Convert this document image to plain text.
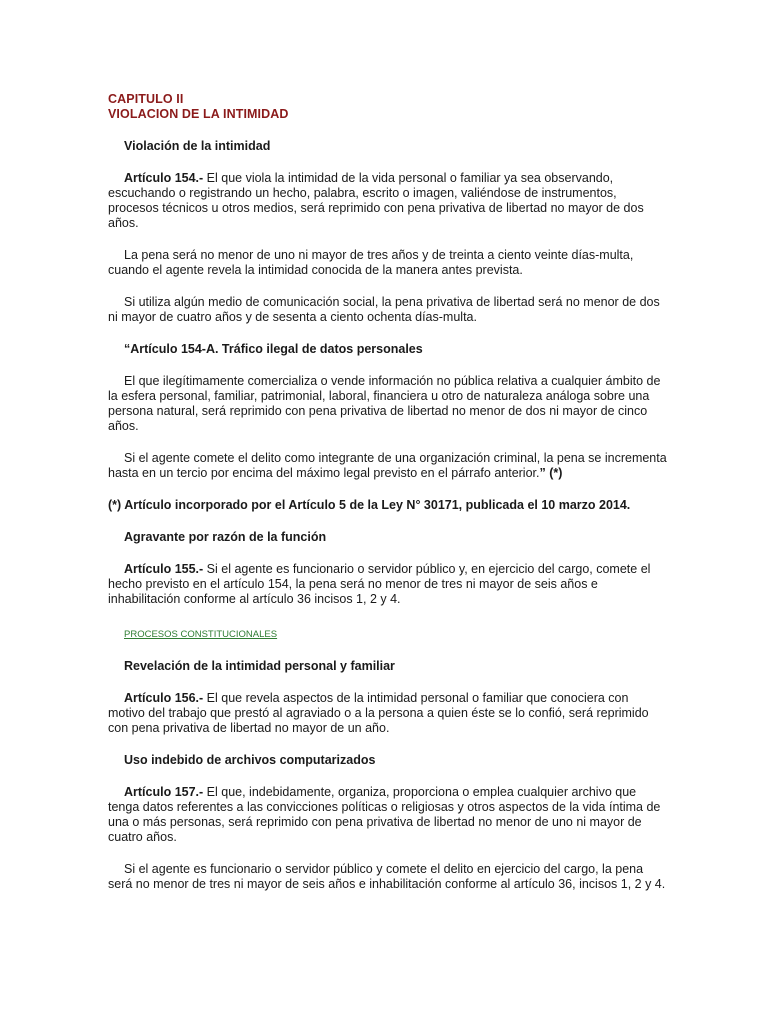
CAPITULO II
VIOLACION DE LA INTIMIDAD
Violación de la intimidad

Artículo 154.- El que viola la intimidad de la vida personal o familiar ya sea observando, escuchando o registrando un hecho, palabra, escrito o imagen, valiéndose de instrumentos, procesos técnicos u otros medios, será reprimido con pena privativa de libertad no mayor de dos años.

La pena será no menor de uno ni mayor de tres años y de treinta a ciento veinte días-multa, cuando el agente revela la intimidad conocida de la manera antes prevista.

Si utiliza algún medio de comunicación social, la pena privativa de libertad será no menor de dos ni mayor de cuatro años y de sesenta a ciento ochenta días-multa.

“Artículo 154-A. Tráfico ilegal de datos personales

El que ilegítimamente comercializa o vende información no pública relativa a cualquier ámbito de la esfera personal, familiar, patrimonial, laboral, financiera u otro de naturaleza análoga sobre una persona natural, será reprimido con pena privativa de libertad no menor de dos ni mayor de cinco años.

Si el agente comete el delito como integrante de una organización criminal, la pena se incrementa hasta en un tercio por encima del máximo legal previsto en el párrafo anterior.” (*)

(*) Artículo incorporado por el Artículo 5 de la Ley N° 30171, publicada el 10 marzo 2014.

Agravante por razón de la función

Artículo 155.- Si el agente es funcionario o servidor público y, en ejercicio del cargo, comete el hecho previsto en el artículo 154, la pena será no menor de tres ni mayor de seis años e inhabilitación conforme al artículo 36 incisos 1, 2 y 4.

PROCESOS CONSTITUCIONALES
Revelación de la intimidad personal y familiar

Artículo 156.- El que revela aspectos de la intimidad personal o familiar que conociera con motivo del trabajo que prestó al agraviado o a la persona a quien éste se lo confió, será reprimido con pena privativa de libertad no mayor de un año.

Uso indebido de archivos computarizados

Artículo 157.- El que, indebidamente, organiza, proporciona o emplea cualquier archivo que tenga datos referentes a las convicciones políticas o religiosas y otros aspectos de la vida íntima de una o más personas, será reprimido con pena privativa de libertad no menor de uno ni mayor de cuatro años.

Si el agente es funcionario o servidor público y comete el delito en ejercicio del cargo, la pena será no menor de tres ni mayor de seis años e inhabilitación conforme al artículo 36, incisos 1, 2 y 4.
